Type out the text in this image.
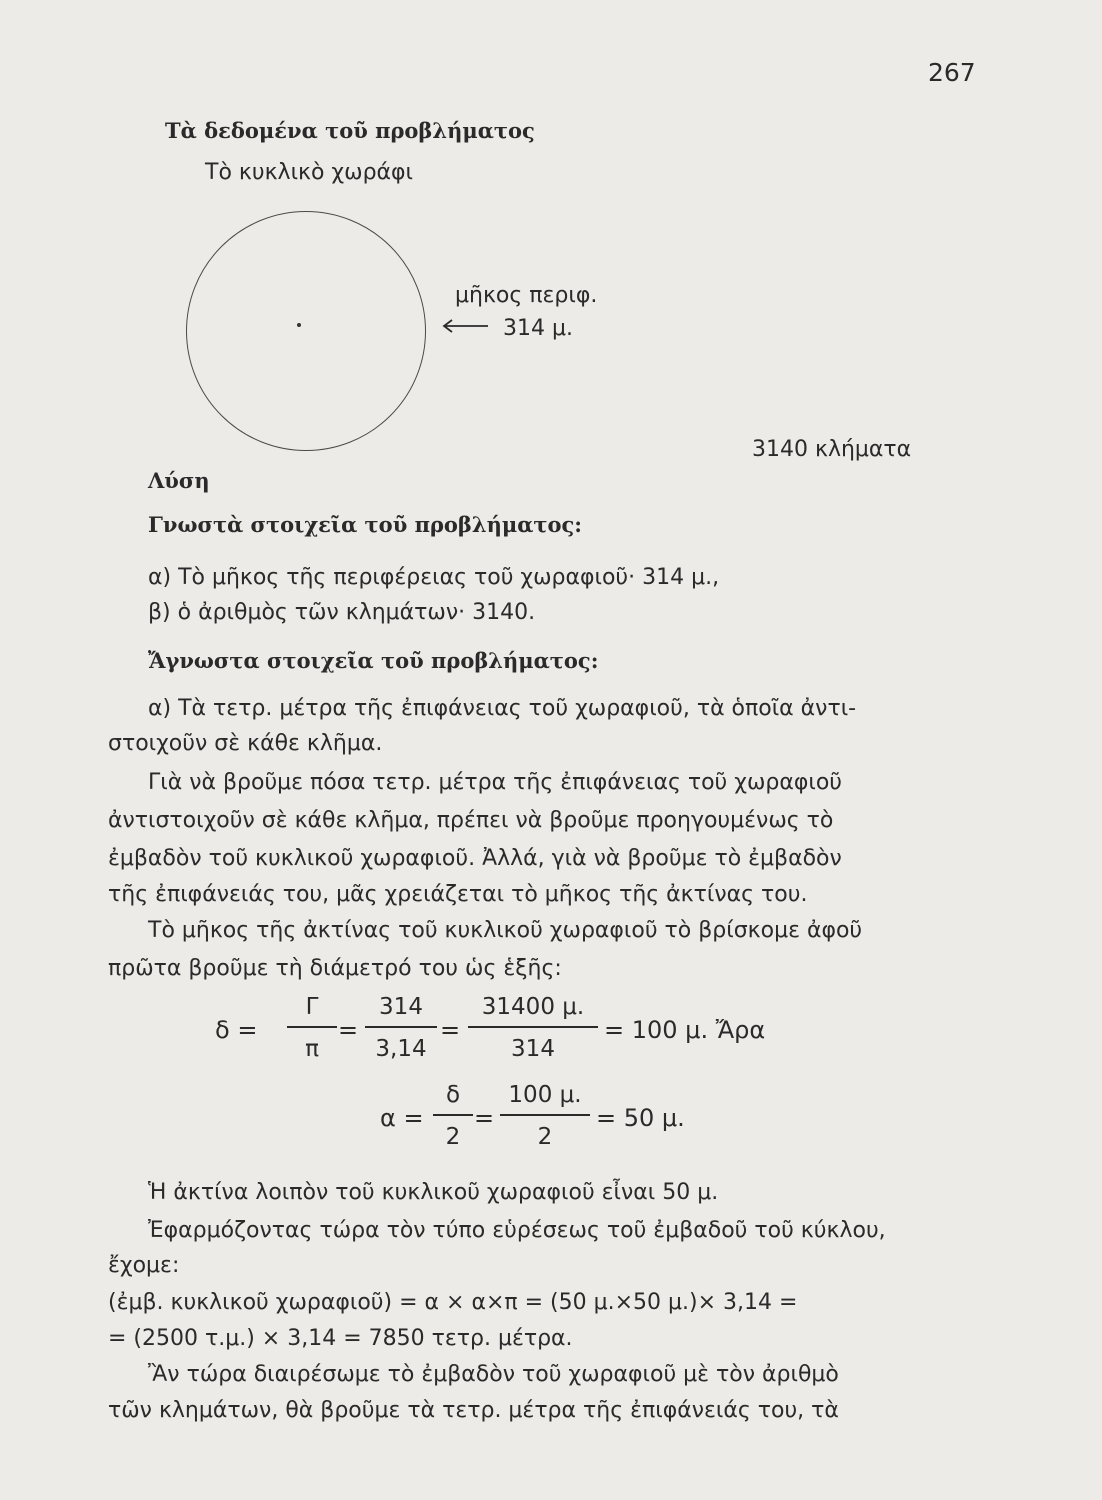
267
Τὰ δεδομένα τοῦ προβλήματος
Τὸ κυκλικὸ χωράφι
μῆκος περιφ.
314 μ.
3140 κλήματα
Λύση
Γνωστὰ στοιχεῖα τοῦ προβλήματος:
α) Τὸ μῆκος τῆς περιφέρειας τοῦ χωραφιοῦ· 314 μ.,
β) ὁ ἀριθμὸς τῶν κλημάτων· 3140.
Ἄγνωστα στοιχεῖα τοῦ προβλήματος:
α) Τὰ τετρ. μέτρα τῆς ἐπιφάνειας τοῦ χωραφιοῦ, τὰ ὁποῖα ἀντι-
στοιχοῦν σὲ κάθε κλῆμα.
Γιὰ νὰ βροῦμε πόσα τετρ. μέτρα τῆς ἐπιφάνειας τοῦ χωραφιοῦ
ἀντιστοιχοῦν σὲ κάθε κλῆμα, πρέπει νὰ βροῦμε προηγουμένως τὸ
ἐμβαδὸν τοῦ κυκλικοῦ χωραφιοῦ. Ἀλλά, γιὰ νὰ βροῦμε τὸ ἐμβαδὸν
τῆς ἐπιφάνειάς του, μᾶς χρειάζεται τὸ μῆκος τῆς ἀκτίνας του.
Τὸ μῆκος τῆς ἀκτίνας τοῦ κυκλικοῦ χωραφιοῦ τὸ βρίσκομε ἀφοῦ
πρῶτα βροῦμε τὴ διάμετρό του ὡς ἑξῆς:
δ =
Γ
π
=
314
3,14
=
31400 μ.
314
= 100 μ. Ἄρα
α =
δ
2
=
100 μ.
2
= 50 μ.
Ἡ ἀκτίνα λοιπὸν τοῦ κυκλικοῦ χωραφιοῦ εἶναι 50 μ.
Ἐφαρμόζοντας τώρα τὸν τύπο εὑρέσεως τοῦ ἐμβαδοῦ τοῦ κύκλου,
ἔχομε:
(ἐμβ. κυκλικοῦ χωραφιοῦ) = α × α×π = (50 μ.×50 μ.)× 3,14 =
= (2500 τ.μ.) × 3,14 = 7850 τετρ. μέτρα.
Ἂν τώρα διαιρέσωμε τὸ ἐμβαδὸν τοῦ χωραφιοῦ μὲ τὸν ἀριθμὸ
τῶν κλημάτων, θὰ βροῦμε τὰ τετρ. μέτρα τῆς ἐπιφάνειάς του, τὰ
